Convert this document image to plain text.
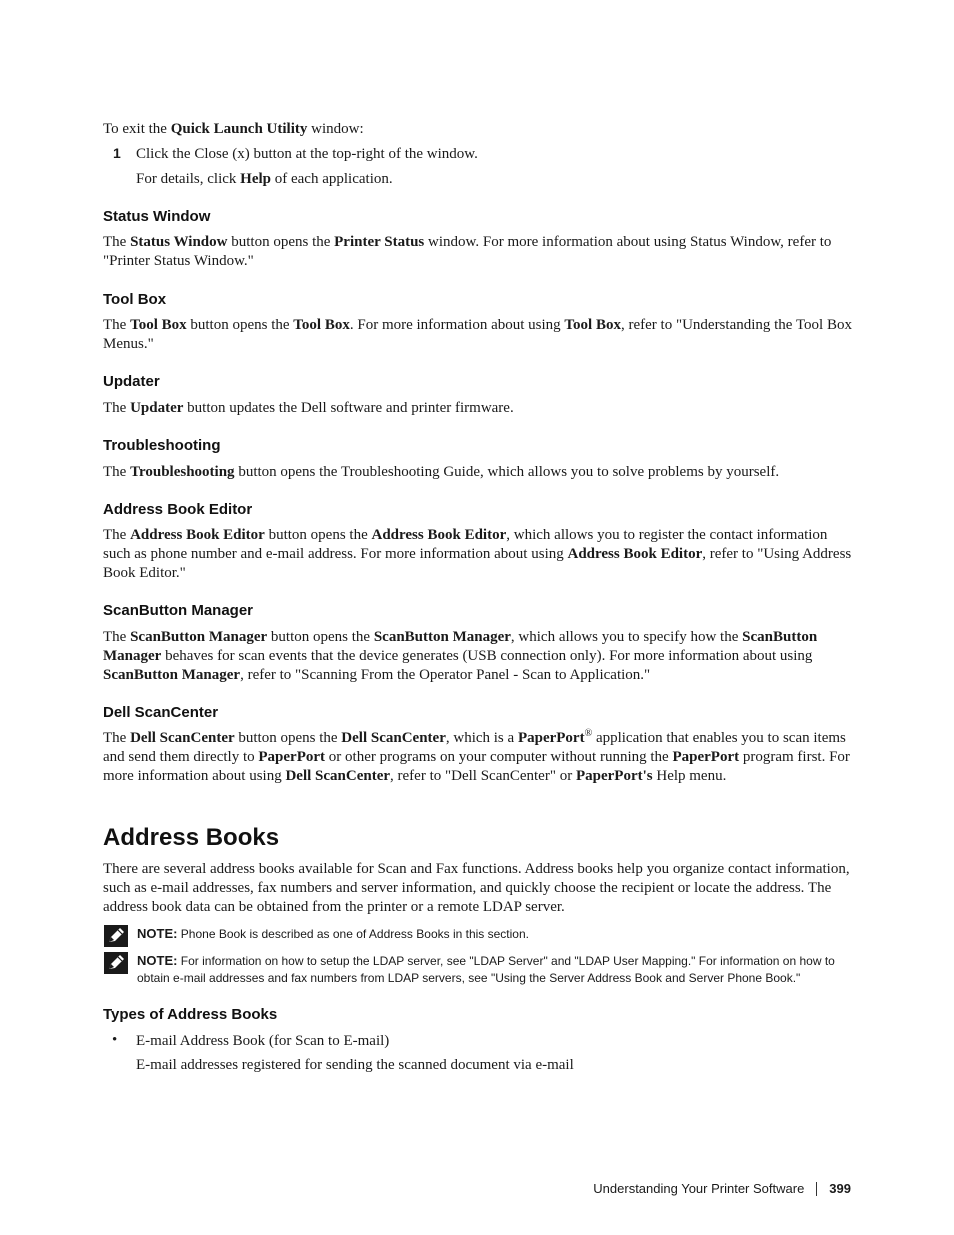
To exit the Quick Launch Utility window:

1 Click the Close (x) button at the top-right of the window.

For details, click Help of each application.

Status Window

The Status Window button opens the Printer Status window. For more information about using Status Window, refer to "Printer Status Window."

Tool Box

The Tool Box button opens the Tool Box. For more information about using Tool Box, refer to "Understanding the Tool Box Menus."

Updater

The Updater button updates the Dell software and printer firmware.

Troubleshooting

The Troubleshooting button opens the Troubleshooting Guide, which allows you to solve problems by yourself.

Address Book Editor

The Address Book Editor button opens the Address Book Editor, which allows you to register the contact information such as phone number and e-mail address. For more information about using Address Book Editor, refer to "Using Address Book Editor."

ScanButton Manager

The ScanButton Manager button opens the ScanButton Manager, which allows you to specify how the ScanButton Manager behaves for scan events that the device generates (USB connection only). For more information about using ScanButton Manager, refer to "Scanning From the Operator Panel - Scan to Application."

Dell ScanCenter

The Dell ScanCenter button opens the Dell ScanCenter, which is a PaperPort® application that enables you to scan items and send them directly to PaperPort or other programs on your computer without running the PaperPort program first. For more information about using Dell ScanCenter, refer to "Dell ScanCenter" or PaperPort's Help menu.

Address Books

There are several address books available for Scan and Fax functions. Address books help you organize contact information, such as e-mail addresses, fax numbers and server information, and quickly choose the recipient or locate the address. The address book data can be obtained from the printer or a remote LDAP server.

NOTE: Phone Book is described as one of Address Books in this section.

NOTE: For information on how to setup the LDAP server, see "LDAP Server" and "LDAP User Mapping." For information on how to obtain e-mail addresses and fax numbers from LDAP servers, see "Using the Server Address Book and Server Phone Book."

Types of Address Books
• E-mail Address Book (for Scan to E-mail)

E-mail addresses registered for sending the scanned document via e-mail

Understanding Your Printer Software 399
